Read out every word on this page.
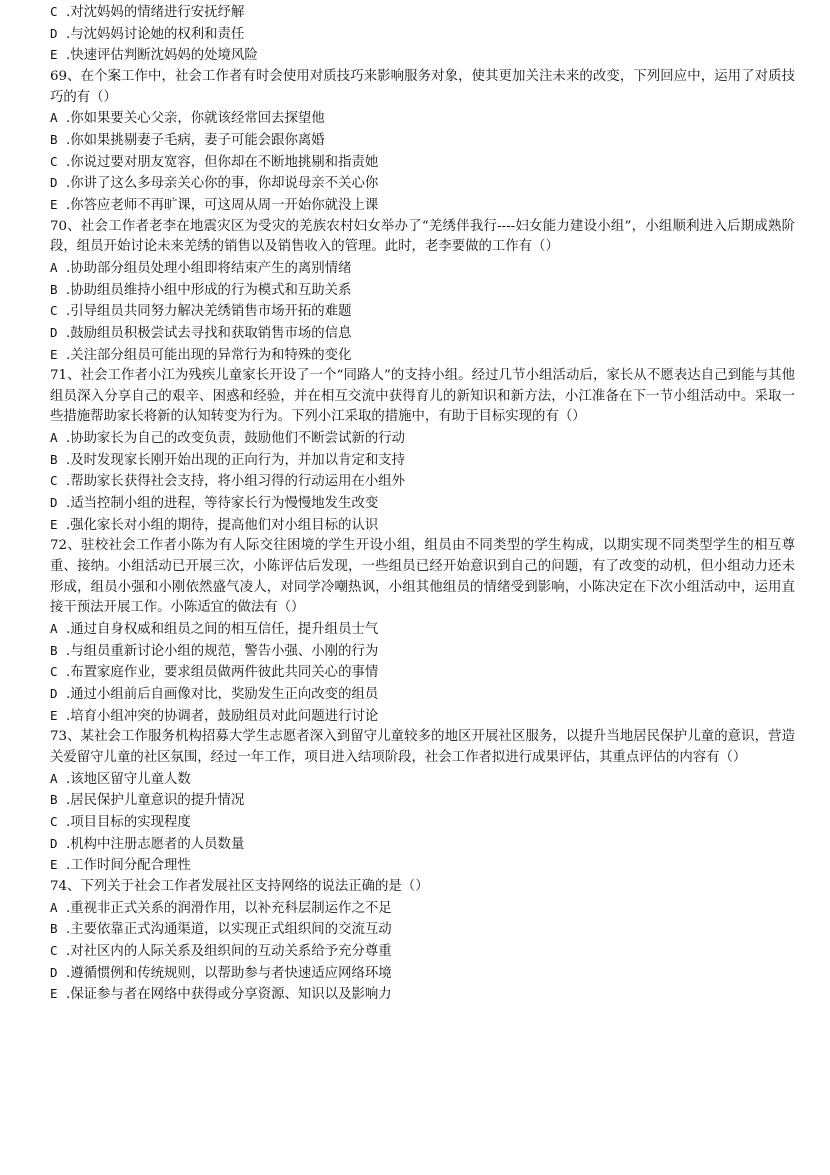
C .对沈妈妈的情绪进行安抚纾解
D .与沈妈妈讨论她的权利和责任
E .快速评估判断沈妈妈的处境风险
69、在个案工作中，社会工作者有时会使用对质技巧来影响服务对象，使其更加关注未来的改变，下列回应中，运用了对质技巧的有（）
A .你如果要关心父亲，你就该经常回去探望他
B .你如果挑剔妻子毛病，妻子可能会跟你离婚
C .你说过要对朋友宽容，但你却在不断地挑剔和指责她
D .你讲了这么多母亲关心你的事，你却说母亲不关心你
E .你答应老师不再旷课，可这周从周一开始你就没上课
70、社会工作者老李在地震灾区为受灾的羌族农村妇女举办了“羌绣伴我行----妇女能力建设小组”，小组顺利进入后期成熟阶段，组员开始讨论未来羌绣的销售以及销售收入的管理。此时，老李要做的工作有（）
A .协助部分组员处理小组即将结束产生的离别情绪
B .协助组员维持小组中形成的行为模式和互助关系
C .引导组员共同努力解决羌绣销售市场开拓的难题
D .鼓励组员积极尝试去寻找和获取销售市场的信息
E .关注部分组员可能出现的异常行为和特殊的变化
71、社会工作者小江为残疾儿童家长开设了一个“同路人”的支持小组。经过几节小组活动后，家长从不愿表达自己到能与其他组员深入分享自己的艰辛、困惑和经验，并在相互交流中获得育儿的新知识和新方法，小江准备在下一节小组活动中。采取一些措施帮助家长将新的认知转变为行为。下列小江采取的措施中，有助于目标实现的有（）
A .协助家长为自己的改变负责，鼓励他们不断尝试新的行动
B .及时发现家长刚开始出现的正向行为，并加以肯定和支持
C .帮助家长获得社会支持，将小组习得的行动运用在小组外
D .适当控制小组的进程，等待家长行为慢慢地发生改变
E .强化家长对小组的期待，提高他们对小组目标的认识
72、驻校社会工作者小陈为有人际交往困境的学生开设小组，组员由不同类型的学生构成，以期实现不同类型学生的相互尊重、接纳。小组活动已开展三次，小陈评估后发现，一些组员已经开始意识到自己的问题，有了改变的动机，但小组动力还未形成，组员小强和小刚依然盛气凌人，对同学冷嘲热讽，小组其他组员的情绪受到影响，小陈决定在下次小组活动中，运用直接干预法开展工作。小陈适宜的做法有（）
A .通过自身权威和组员之间的相互信任，提升组员士气
B .与组员重新讨论小组的规范，警告小强、小刚的行为
C .布置家庭作业，要求组员做两件彼此共同关心的事情
D .通过小组前后自画像对比，奖励发生正向改变的组员
E .培育小组冲突的协调者，鼓励组员对此问题进行讨论
73、某社会工作服务机构招募大学生志愿者深入到留守儿童较多的地区开展社区服务，以提升当地居民保护儿童的意识，营造关爱留守儿童的社区氛围，经过一年工作，项目进入结项阶段，社会工作者拟进行成果评估，其重点评估的内容有（）
A .该地区留守儿童人数
B .居民保护儿童意识的提升情况
C .项目目标的实现程度
D .机构中注册志愿者的人员数量
E .工作时间分配合理性
74、下列关于社会工作者发展社区支持网络的说法正确的是（）
A .重视非正式关系的润滑作用，以补充科层制运作之不足
B .主要依靠正式沟通渠道，以实现正式组织间的交流互动
C .对社区内的人际关系及组织间的互动关系给予充分尊重
D .遵循惯例和传统规则，以帮助参与者快速适应网络环境
E .保证参与者在网络中获得或分享资源、知识以及影响力
